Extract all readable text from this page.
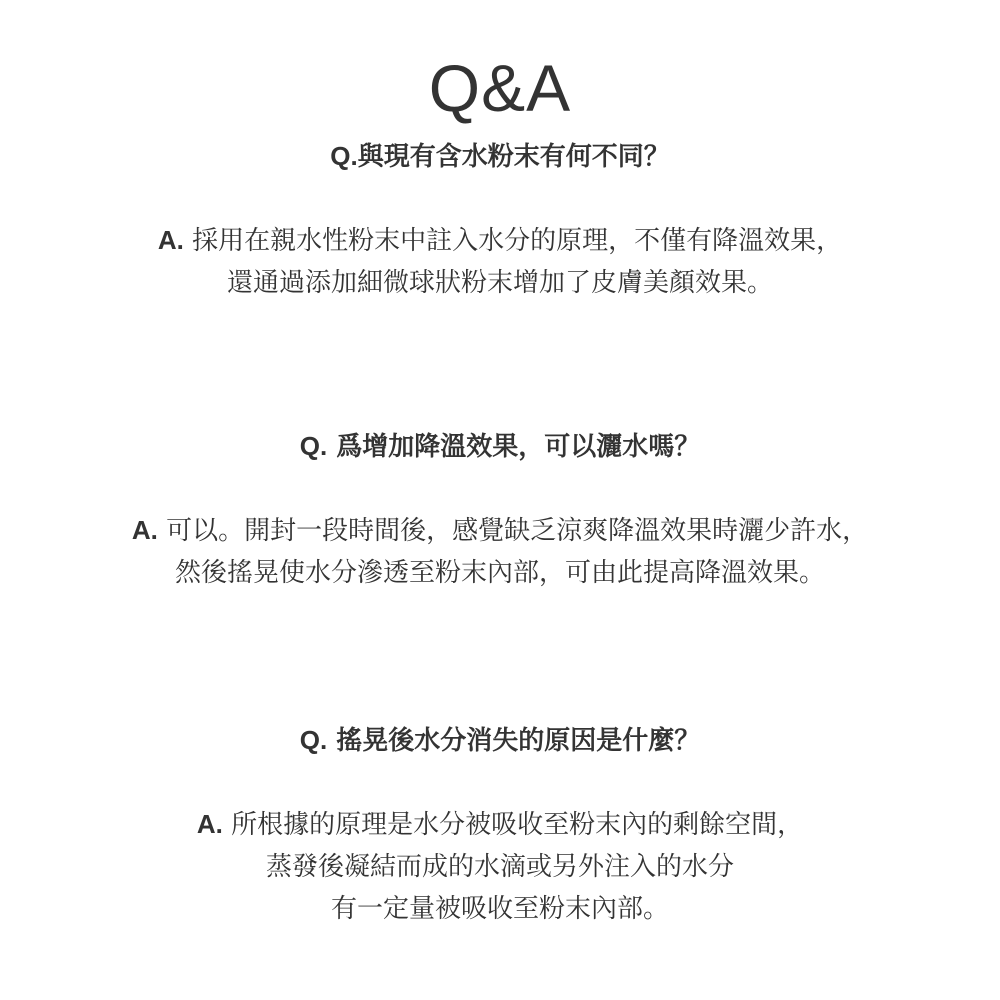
Q&A
Q.與現有含水粉末有何不同？
A. 採用在親水性粉末中註入水分的原理，不僅有降溫效果，
還通過添加細微球狀粉末增加了皮膚美顏效果。
Q. 爲增加降溫效果，可以灑水嗎？
A. 可以。開封一段時間後，感覺缺乏涼爽降溫效果時灑少許水，
然後搖晃使水分滲透至粉末內部，可由此提高降溫效果。
Q. 搖晃後水分消失的原因是什麼？
A. 所根據的原理是水分被吸收至粉末內的剩餘空間，
蒸發後凝結而成的水滴或另外注入的水分
有一定量被吸收至粉末內部。
